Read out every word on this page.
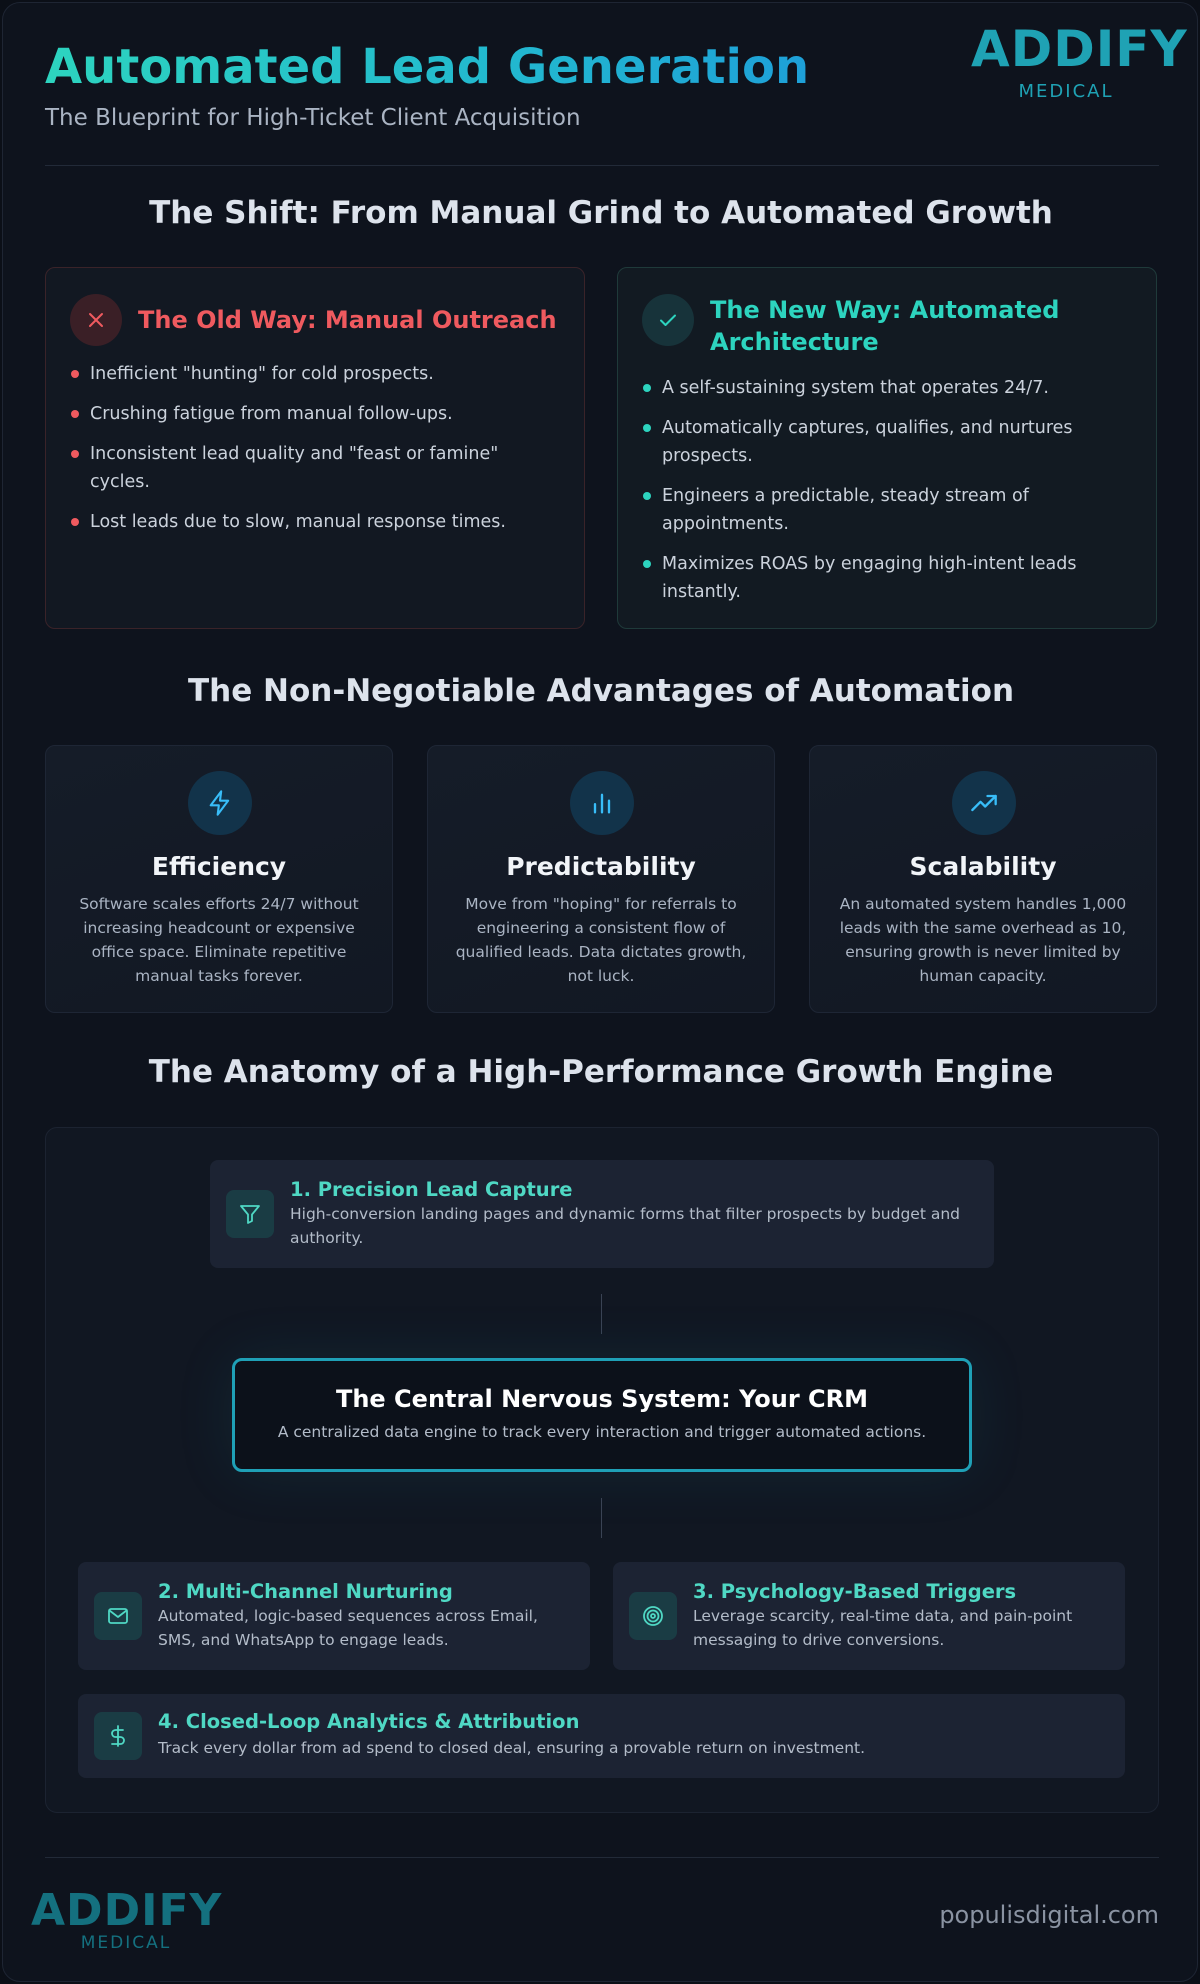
Automated Lead Generation
The Blueprint for High-Ticket Client Acquisition
ADDIFY
MEDICAL
The Shift: From Manual Grind to Automated Growth
The Old Way: Manual Outreach
Inefficient "hunting" for cold prospects.
Crushing fatigue from manual follow-ups.
Inconsistent lead quality and "feast or famine" cycles.
Lost leads due to slow, manual response times.
The New Way: Automated Architecture
A self-sustaining system that operates 24/7.
Automatically captures, qualifies, and nurtures prospects.
Engineers a predictable, steady stream of appointments.
Maximizes ROAS by engaging high-intent leads instantly.
The Non-Negotiable Advantages of Automation
Efficiency
Software scales efforts 24/7 without increasing headcount or expensive office space. Eliminate repetitive manual tasks forever.
Predictability
Move from "hoping" for referrals to engineering a consistent flow of qualified leads. Data dictates growth, not luck.
Scalability
An automated system handles 1,000 leads with the same overhead as 10, ensuring growth is never limited by human capacity.
The Anatomy of a High-Performance Growth Engine
1. Precision Lead Capture
High-conversion landing pages and dynamic forms that filter prospects by budget and authority.
The Central Nervous System: Your CRM
A centralized data engine to track every interaction and trigger automated actions.
2. Multi-Channel Nurturing
Automated, logic-based sequences across Email, SMS, and WhatsApp to engage leads.
3. Psychology-Based Triggers
Leverage scarcity, real-time data, and pain-point messaging to drive conversions.
4. Closed-Loop Analytics & Attribution
Track every dollar from ad spend to closed deal, ensuring a provable return on investment.
ADDIFY
MEDICAL
populisdigital.com
